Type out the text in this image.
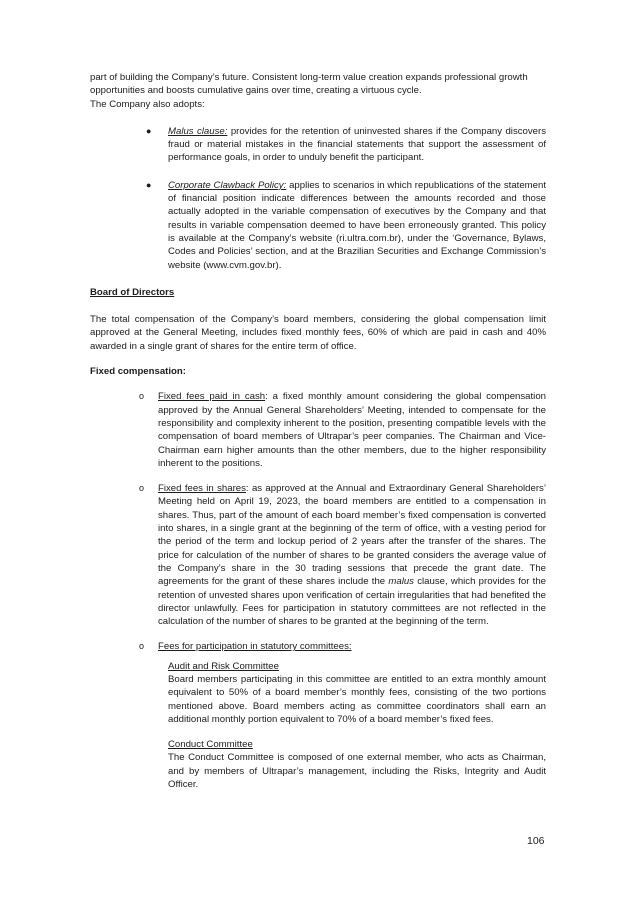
part of building the Company’s future. Consistent long-term value creation expands professional growth opportunities and boosts cumulative gains over time, creating a virtuous cycle.

The Company also adopts:

● Malus clause: provides for the retention of uninvested shares if the Company discovers fraud or material mistakes in the financial statements that support the assessment of performance goals, in order to unduly benefit the participant.

● Corporate Clawback Policy: applies to scenarios in which republications of the statement of financial position indicate differences between the amounts recorded and those actually adopted in the variable compensation of executives by the Company and that results in variable compensation deemed to have been erroneously granted. This policy is available at the Company’s website (ri.ultra.com.br), under the ‘Governance, Bylaws, Codes and Policies’ section, and at the Brazilian Securities and Exchange Commission’s website (www.cvm.gov.br).

Board of Directors

The total compensation of the Company’s board members, considering the global compensation limit approved at the General Meeting, includes fixed monthly fees, 60% of which are paid in cash and 40% awarded in a single grant of shares for the entire term of office.

Fixed compensation:

o Fixed fees paid in cash: a fixed monthly amount considering the global compensation approved by the Annual General Shareholders’ Meeting, intended to compensate for the responsibility and complexity inherent to the position, presenting compatible levels with the compensation of board members of Ultrapar’s peer companies. The Chairman and Vice-Chairman earn higher amounts than the other members, due to the higher responsibility inherent to the positions.

o Fixed fees in shares: as approved at the Annual and Extraordinary General Shareholders’ Meeting held on April 19, 2023, the board members are entitled to a compensation in shares. Thus, part of the amount of each board member’s fixed compensation is converted into shares, in a single grant at the beginning of the term of office, with a vesting period for the period of the term and lockup period of 2 years after the transfer of the shares. The price for calculation of the number of shares to be granted considers the average value of the Company’s share in the 30 trading sessions that precede the grant date. The agreements for the grant of these shares include the malus clause, which provides for the retention of unvested shares upon verification of certain irregularities that had benefited the director unlawfully. Fees for participation in statutory committees are not reflected in the calculation of the number of shares to be granted at the beginning of the term.

o Fees for participation in statutory committees:

Audit and Risk Committee

Board members participating in this committee are entitled to an extra monthly amount equivalent to 50% of a board member’s monthly fees, consisting of the two portions mentioned above. Board members acting as committee coordinators shall earn an additional monthly portion equivalent to 70% of a board member’s fixed fees.

Conduct Committee

The Conduct Committee is composed of one external member, who acts as Chairman, and by members of Ultrapar’s management, including the Risks, Integrity and Audit Officer.

106
